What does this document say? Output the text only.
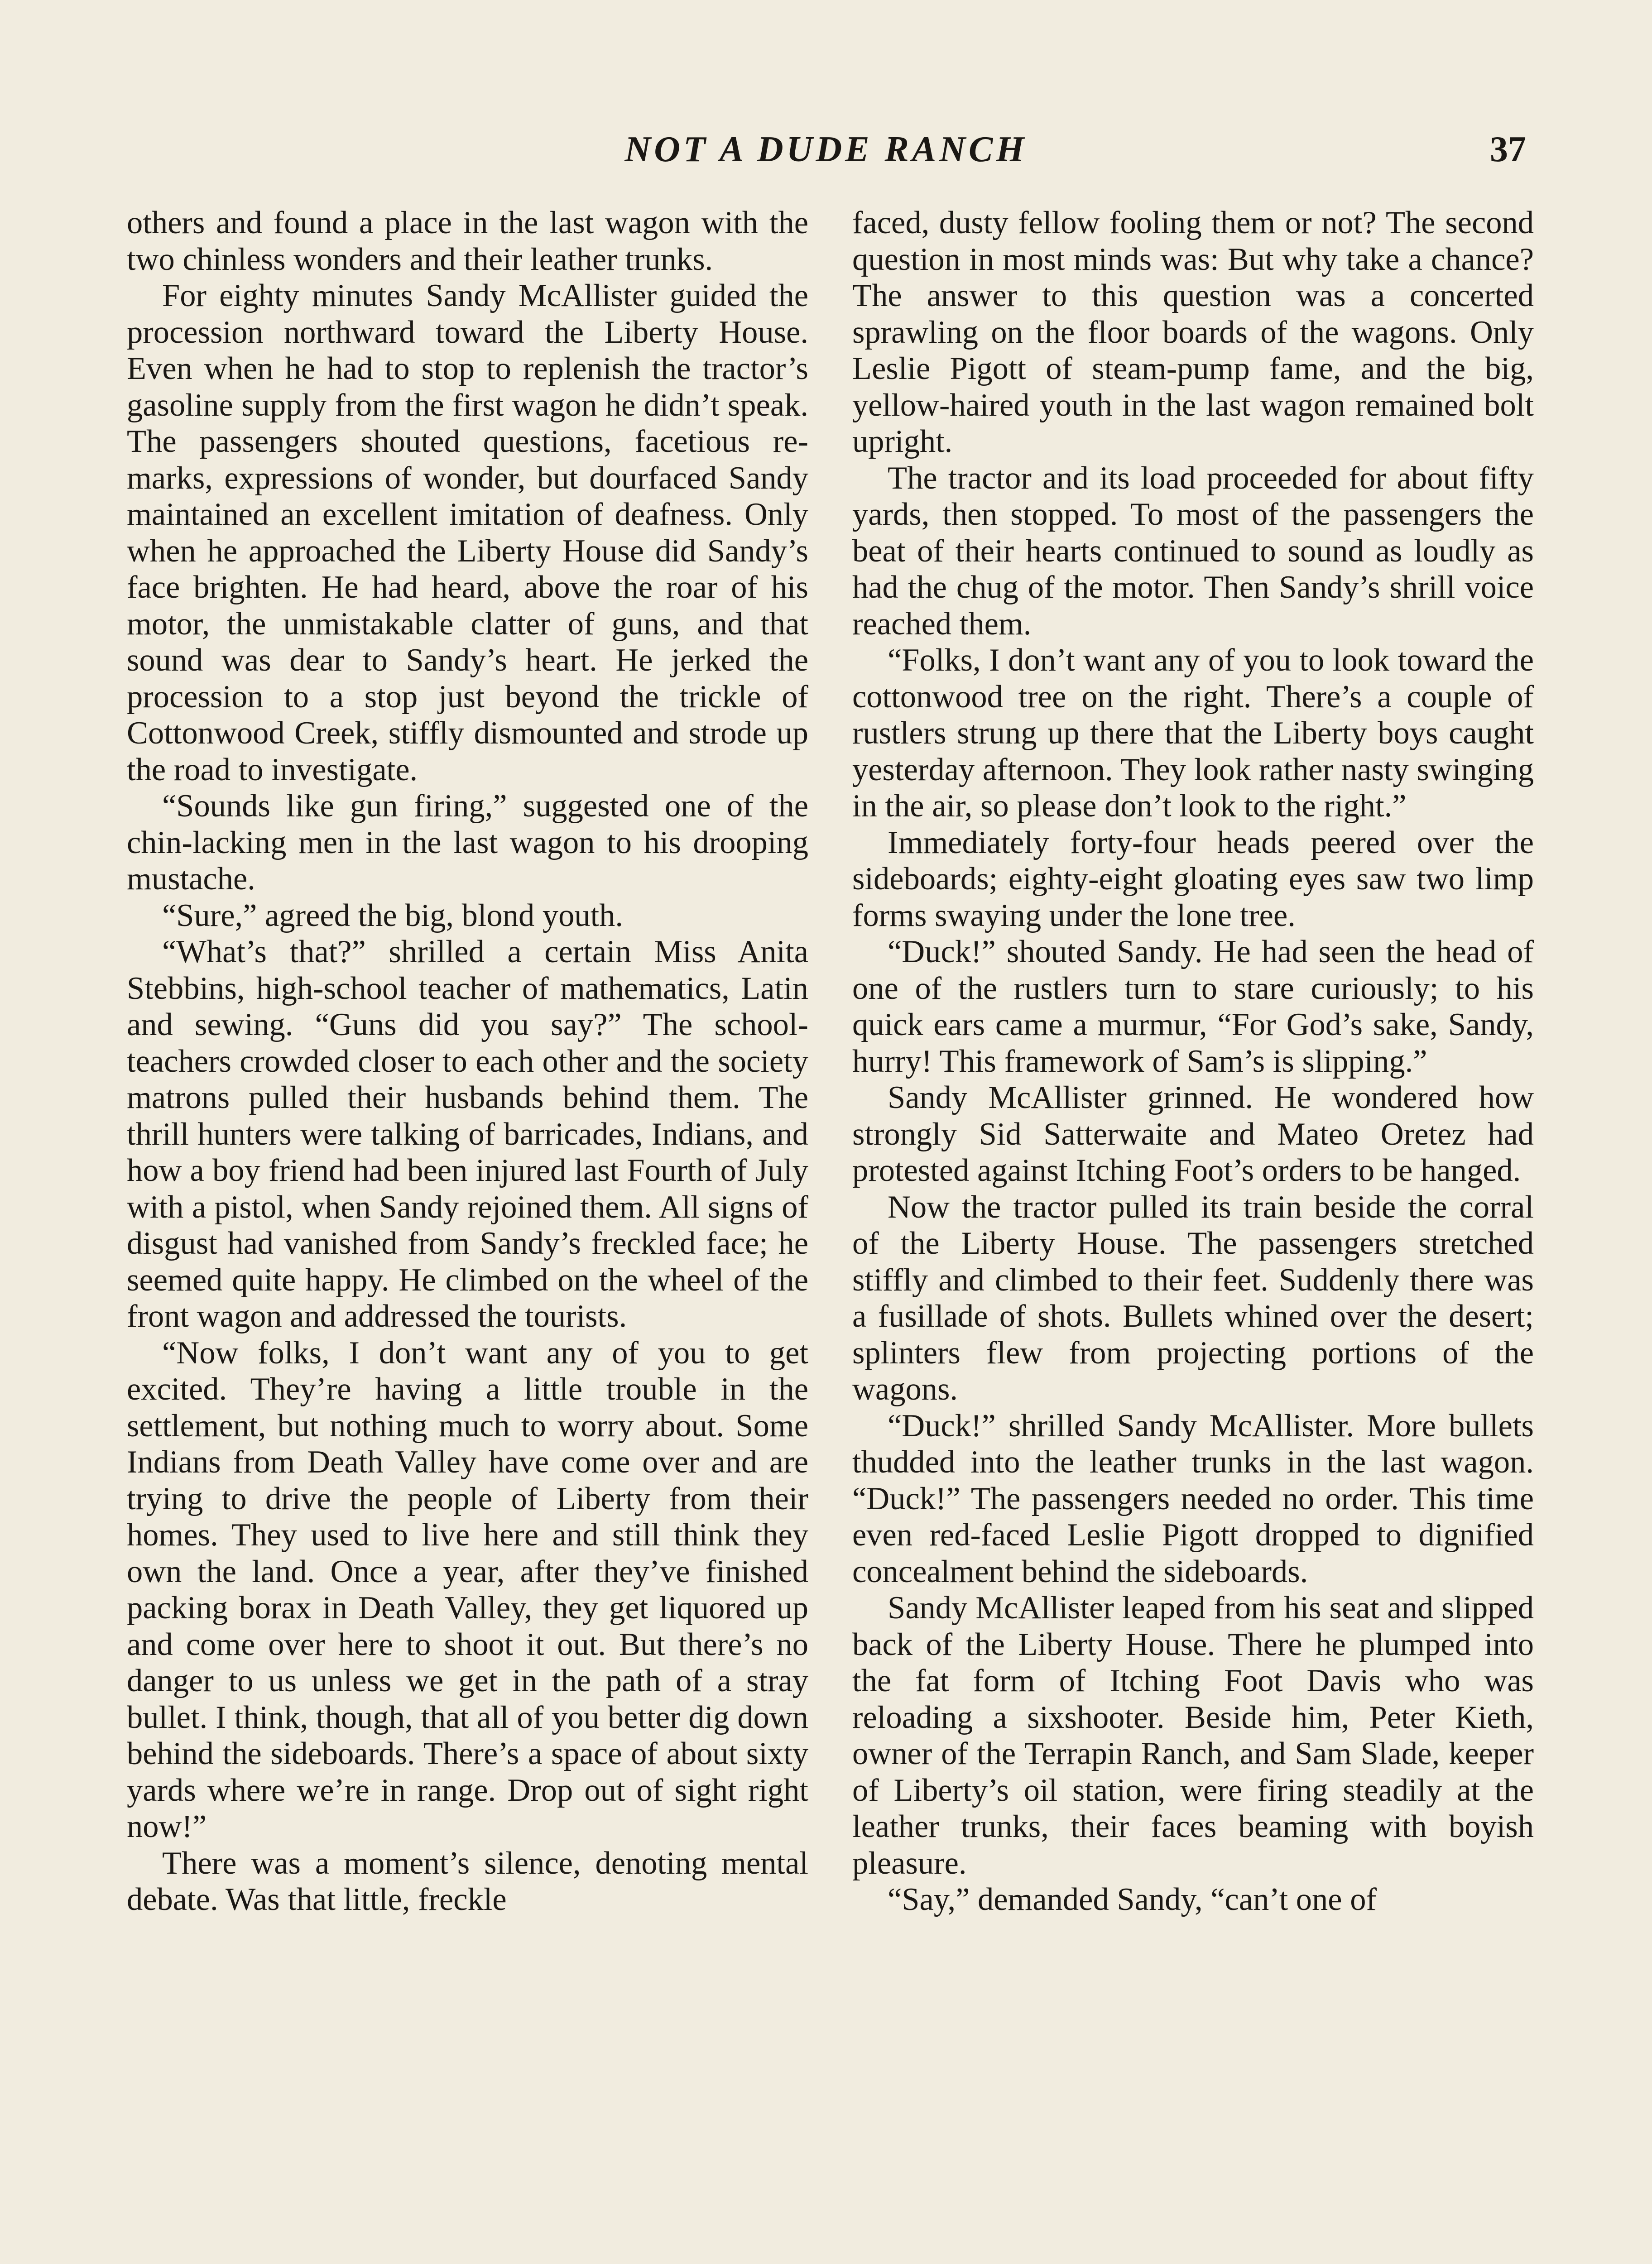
NOT A DUDE RANCH	37

others and found a place in the last wagon with the two chinless wonders and their leather trunks.

For eighty minutes Sandy McAllister guided the procession northward toward the Liberty House. Even when he had to stop to replenish the tractor’s gasoline supply from the first wagon he didn’t speak. The passengers shouted questions, facetious remarks, expressions of wonder, but dourfaced Sandy maintained an excellent imitation of deafness. Only when he approached the Liberty House did Sandy’s face brighten. He had heard, above the roar of his motor, the unmistakable clatter of guns, and that sound was dear to Sandy’s heart. He jerked the procession to a stop just beyond the trickle of Cottonwood Creek, stiffly dismounted and strode up the road to investigate.

“Sounds like gun firing,” suggested one of the chin-lacking men in the last wagon to his drooping mustache.

“Sure,” agreed the big, blond youth.

“What’s that?” shrilled a certain Miss Anita Stebbins, high-school teacher of mathematics, Latin and sewing. “Guns did you say?” The school-teachers crowded closer to each other and the society matrons pulled their husbands behind them. The thrill hunters were talking of barricades, Indians, and how a boy friend had been injured last Fourth of July with a pistol, when Sandy rejoined them. All signs of disgust had vanished from Sandy’s freckled face; he seemed quite happy. He climbed on the wheel of the front wagon and addressed the tourists.

“Now folks, I don’t want any of you to get excited. They’re having a little trouble in the settlement, but nothing much to worry about. Some Indians from Death Valley have come over and are trying to drive the people of Liberty from their homes. They used to live here and still think they own the land. Once a year, after they’ve finished packing borax in Death Valley, they get liquored up and come over here to shoot it out. But there’s no danger to us unless we get in the path of a stray bullet. I think, though, that all of you better dig down behind the sideboards. There’s a space of about sixty yards where we’re in range. Drop out of sight right now!”

There was a moment’s silence, denoting mental debate. Was that little, freckle

faced, dusty fellow fooling them or not? The second question in most minds was: But why take a chance? The answer to this question was a concerted sprawling on the floor boards of the wagons. Only Leslie Pigott of steam-pump fame, and the big, yellow-haired youth in the last wagon remained bolt upright.

The tractor and its load proceeded for about fifty yards, then stopped. To most of the passengers the beat of their hearts continued to sound as loudly as had the chug of the motor. Then Sandy’s shrill voice reached them.

“Folks, I don’t want any of you to look toward the cottonwood tree on the right. There’s a couple of rustlers strung up there that the Liberty boys caught yesterday afternoon. They look rather nasty swinging in the air, so please don’t look to the right.”

Immediately forty-four heads peered over the sideboards; eighty-eight gloating eyes saw two limp forms swaying under the lone tree.

“Duck!” shouted Sandy. He had seen the head of one of the rustlers turn to stare curiously; to his quick ears came a murmur, “For God’s sake, Sandy, hurry! This framework of Sam’s is slipping.”

Sandy McAllister grinned. He wondered how strongly Sid Satterwaite and Mateo Oretez had protested against Itching Foot’s orders to be hanged.

Now the tractor pulled its train beside the corral of the Liberty House. The passengers stretched stiffly and climbed to their feet. Suddenly there was a fusillade of shots. Bullets whined over the desert; splinters flew from projecting portions of the wagons.

“Duck!” shrilled Sandy McAllister. More bullets thudded into the leather trunks in the last wagon. “Duck!” The passengers needed no order. This time even red-faced Leslie Pigott dropped to dignified concealment behind the sideboards.

Sandy McAllister leaped from his seat and slipped back of the Liberty House. There he plumped into the fat form of Itching Foot Davis who was reloading a sixshooter. Beside him, Peter Kieth, owner of the Terrapin Ranch, and Sam Slade, keeper of Liberty’s oil station, were firing steadily at the leather trunks, their faces beaming with boyish pleasure.

“Say,” demanded Sandy, “can’t one of
